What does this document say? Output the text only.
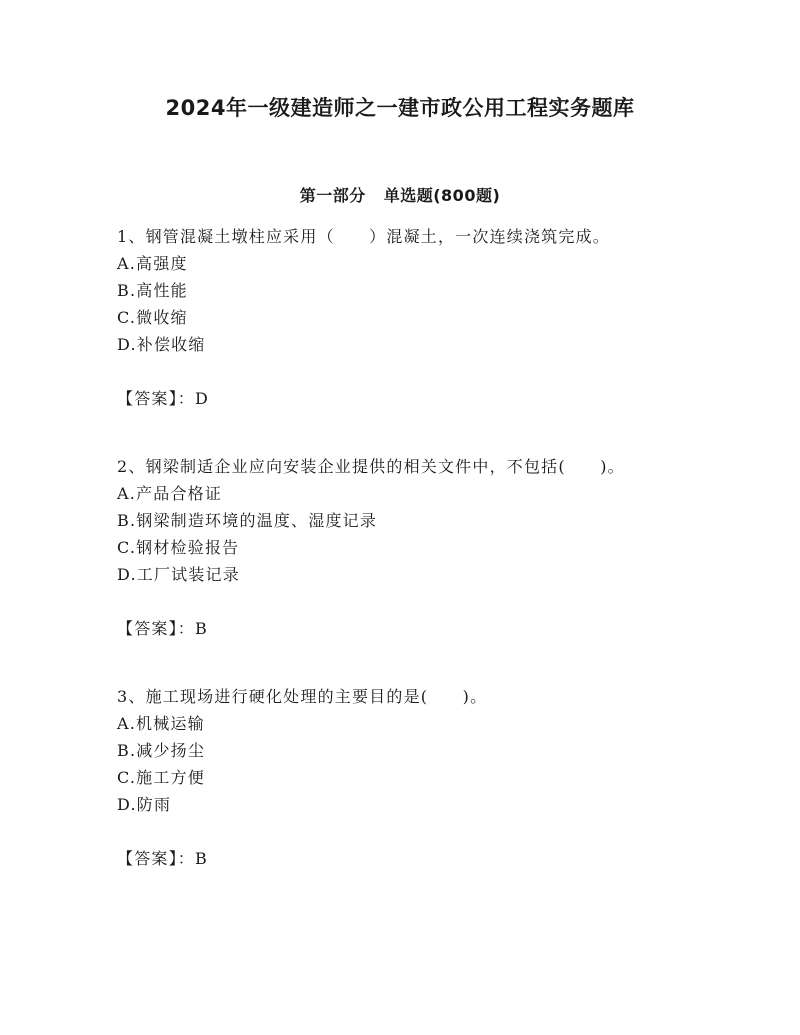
2024年一级建造师之一建市政公用工程实务题库
第一部分 单选题(800题)
1、钢管混凝土墩柱应采用（　　）混凝土，一次连续浇筑完成。
A.高强度
B.高性能
C.微收缩
D.补偿收缩
【答案】：D
2、钢梁制适企业应向安装企业提供的相关文件中，不包括(　　)。
A.产品合格证
B.钢梁制造环境的温度、湿度记录
C.钢材检验报告
D.工厂试装记录
【答案】：B
3、施工现场进行硬化处理的主要目的是(　　)。
A.机械运输
B.减少扬尘
C.施工方便
D.防雨
【答案】：B
